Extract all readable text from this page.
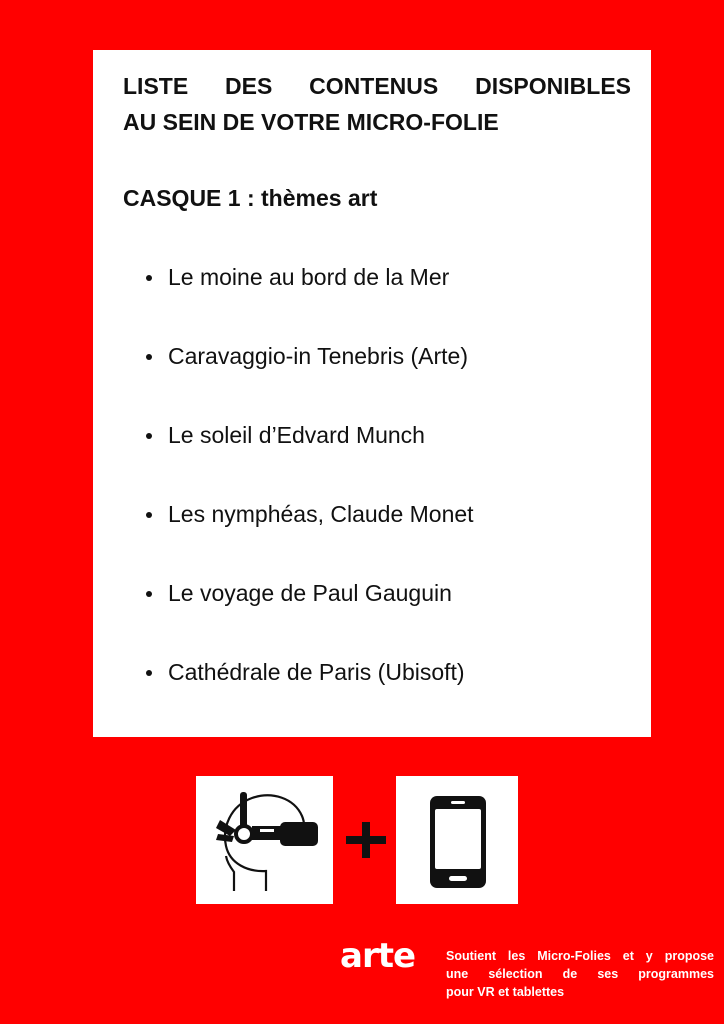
LISTE DES CONTENUS DISPONIBLES
AU SEIN DE VOTRE MICRO-FOLIE
CASQUE 1 : thèmes art
Le moine au bord de la Mer
Caravaggio-in Tenebris (Arte)
Le soleil d’Edvard Munch
Les nymphéas, Claude Monet
Le voyage de Paul Gauguin
Cathédrale de Paris (Ubisoft)
arte Soutient les Micro-Folies et y propose
une sélection de ses programmes
pour VR et tablettes
